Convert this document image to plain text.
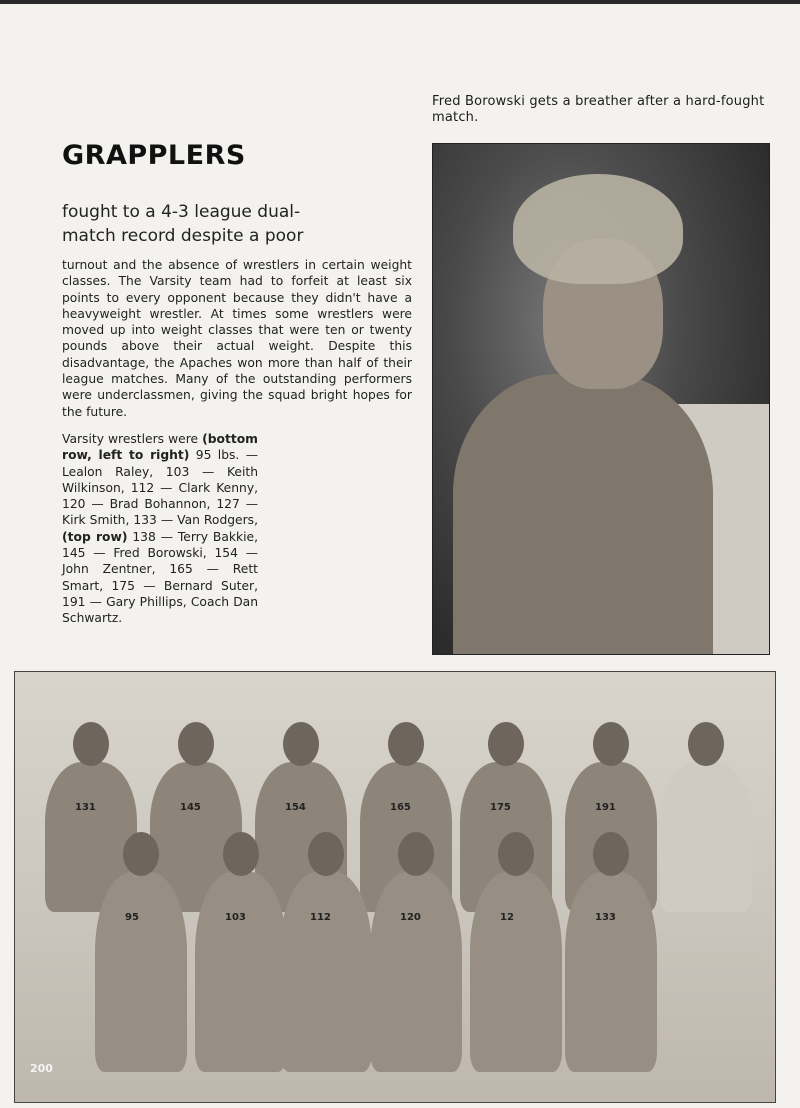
Fred Borowski gets a breather after a hard-fought match.
GRAPPLERS
fought to a 4-3 league dual-match record despite a poor
turnout and the absence of wrestlers in certain weight classes. The Varsity team had to forfeit at least six points to every opponent because they didn't have a heavyweight wrestler. At times some wrestlers were moved up into weight classes that were ten or twenty pounds above their actual weight. Despite this disadvantage, the Apaches won more than half of their league matches. Many of the outstanding performers were underclassmen, giving the squad bright hopes for the future.
Varsity wrestlers were (bottom row, left to right) 95 lbs. — Lealon Raley, 103 — Keith Wilkinson, 112 — Clark Kenny, 120 — Brad Bohannon, 127 — Kirk Smith, 133 — Van Rodgers, (top row) 138 — Terry Bakkie, 145 — Fred Borowski, 154 — John Zentner, 165 — Rett Smart, 175 — Bernard Suter, 191 — Gary Phillips, Coach Dan Schwartz.
131	145	154	165	175	191
95	103	112	120	12	133
200
